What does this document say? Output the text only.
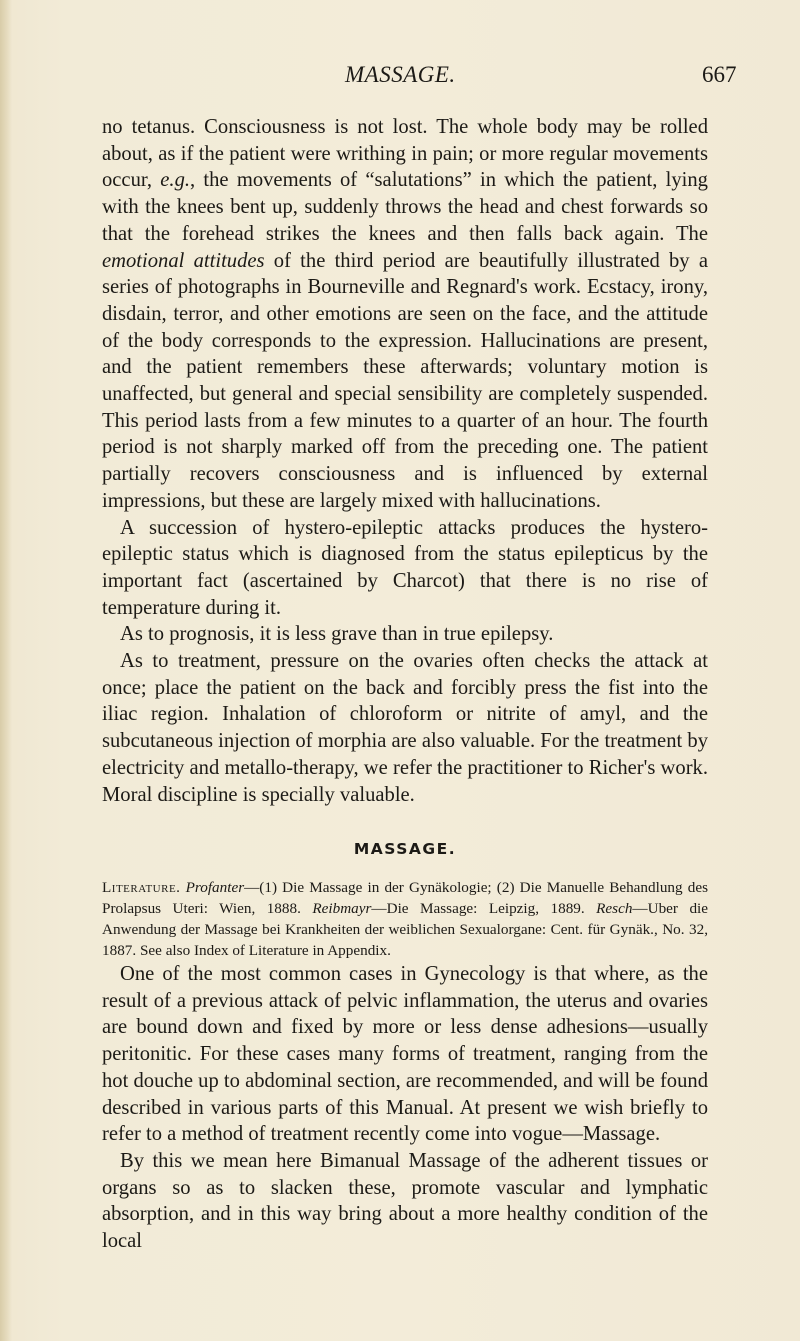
MASSAGE.	667

no tetanus. Consciousness is not lost. The whole body may be rolled about, as if the patient were writhing in pain; or more regular movements occur, e.g., the movements of “salutations” in which the patient, lying with the knees bent up, suddenly throws the head and chest forwards so that the forehead strikes the knees and then falls back again. The emotional attitudes of the third period are beautifully illustrated by a series of photographs in Bourneville and Regnard's work. Ecstacy, irony, disdain, terror, and other emotions are seen on the face, and the attitude of the body corresponds to the expression. Hallucinations are present, and the patient remembers these afterwards; voluntary motion is unaffected, but general and special sensibility are completely suspended. This period lasts from a few minutes to a quarter of an hour. The fourth period is not sharply marked off from the preceding one. The patient partially recovers consciousness and is influenced by external impressions, but these are largely mixed with hallucinations.

A succession of hystero-epileptic attacks produces the hystero-epileptic status which is diagnosed from the status epilepticus by the important fact (ascertained by Charcot) that there is no rise of temperature during it.

As to prognosis, it is less grave than in true epilepsy.

As to treatment, pressure on the ovaries often checks the attack at once; place the patient on the back and forcibly press the fist into the iliac region. Inhalation of chloroform or nitrite of amyl, and the subcutaneous injection of morphia are also valuable. For the treatment by electricity and metallo-therapy, we refer the practitioner to Richer's work. Moral discipline is specially valuable.

MASSAGE.

Literature. Profanter—(1) Die Massage in der Gynäkologie; (2) Die Manuelle Behandlung des Prolapsus Uteri: Wien, 1888. Reibmayr—Die Massage: Leipzig, 1889. Resch—Uber die Anwendung der Massage bei Krankheiten der weiblichen Sexualorgane: Cent. für Gynäk., No. 32, 1887. See also Index of Literature in Appendix.

One of the most common cases in Gynecology is that where, as the result of a previous attack of pelvic inflammation, the uterus and ovaries are bound down and fixed by more or less dense adhesions—usually peritonitic. For these cases many forms of treatment, ranging from the hot douche up to abdominal section, are recommended, and will be found described in various parts of this Manual. At present we wish briefly to refer to a method of treatment recently come into vogue—Massage.

By this we mean here Bimanual Massage of the adherent tissues or organs so as to slacken these, promote vascular and lymphatic absorption, and in this way bring about a more healthy condition of the local
